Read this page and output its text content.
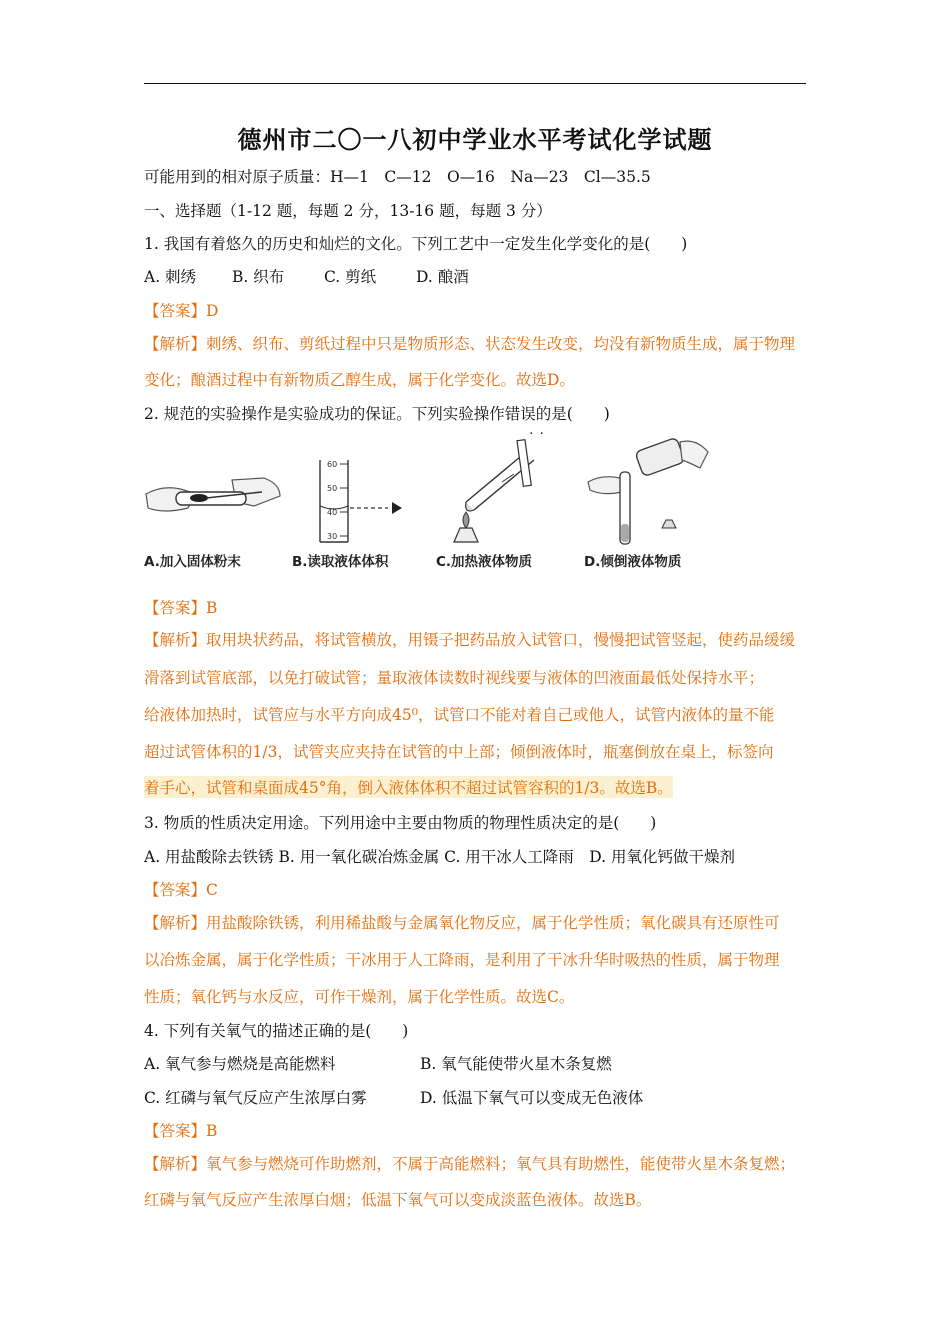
德州市二〇一八初中学业水平考试化学试题
可能用到的相对原子质量：H—1　C—12　O—16　Na—23　Cl—35.5
一、选择题（1-12 题，每题 2 分，13-16 题，每题 3 分）
1. 我国有着悠久的历史和灿烂的文化。下列工艺中一定发生化学变化的是(　　)
A. 刺绣 B. 织布	C. 剪纸	D. 酿酒
【答案】D
【解析】刺绣、织布、剪纸过程中只是物质形态、状态发生改变，均没有新物质生成，属于物理
变化；酿酒过程中有新物质乙醇生成，属于化学变化。故选D。
2. 规范的实验操作是实验成功的保证。下列实验操作错误的是(　　)
··
A.加入固体粉末
60
50
40
30
B.读取液体体积	C.加热液体物质	D.倾倒液体物质
【答案】B
【解析】取用块状药品，将试管横放，用镊子把药品放入试管口，慢慢把试管竖起，使药品缓缓
滑落到试管底部，以免打破试管；量取液体读数时视线要与液体的凹液面最低处保持水平；
给液体加热时，试管应与水平方向成45⁰，试管口不能对着自己或他人，试管内液体的量不能
超过试管体积的1/3，试管夹应夹持在试管的中上部；倾倒液体时，瓶塞倒放在桌上，标签向
着手心，试管和桌面成45°角，倒入液体体积不超过试管容积的1/3。故选B。
3. 物质的性质决定用途。下列用途中主要由物质的物理性质决定的是(　　)
A. 用盐酸除去铁锈 B. 用一氧化碳冶炼金属 C. 用干冰人工降雨　D. 用氧化钙做干燥剂
【答案】C
【解析】用盐酸除铁锈，利用稀盐酸与金属氧化物反应，属于化学性质；氧化碳具有还原性可
以冶炼金属，属于化学性质；干冰用于人工降雨，是利用了干冰升华时吸热的性质，属于物理
性质；氧化钙与水反应，可作干燥剂，属于化学性质。故选C。
4. 下列有关氧气的描述正确的是(　　)
A. 氧气参与燃烧是高能燃料	B. 氧气能使带火星木条复燃
C. 红磷与氧气反应产生浓厚白雾	D. 低温下氧气可以变成无色液体
【答案】B
【解析】氧气参与燃烧可作助燃剂，不属于高能燃料；氧气具有助燃性，能使带火星木条复燃；
红磷与氧气反应产生浓厚白烟；低温下氧气可以变成淡蓝色液体。故选B。
